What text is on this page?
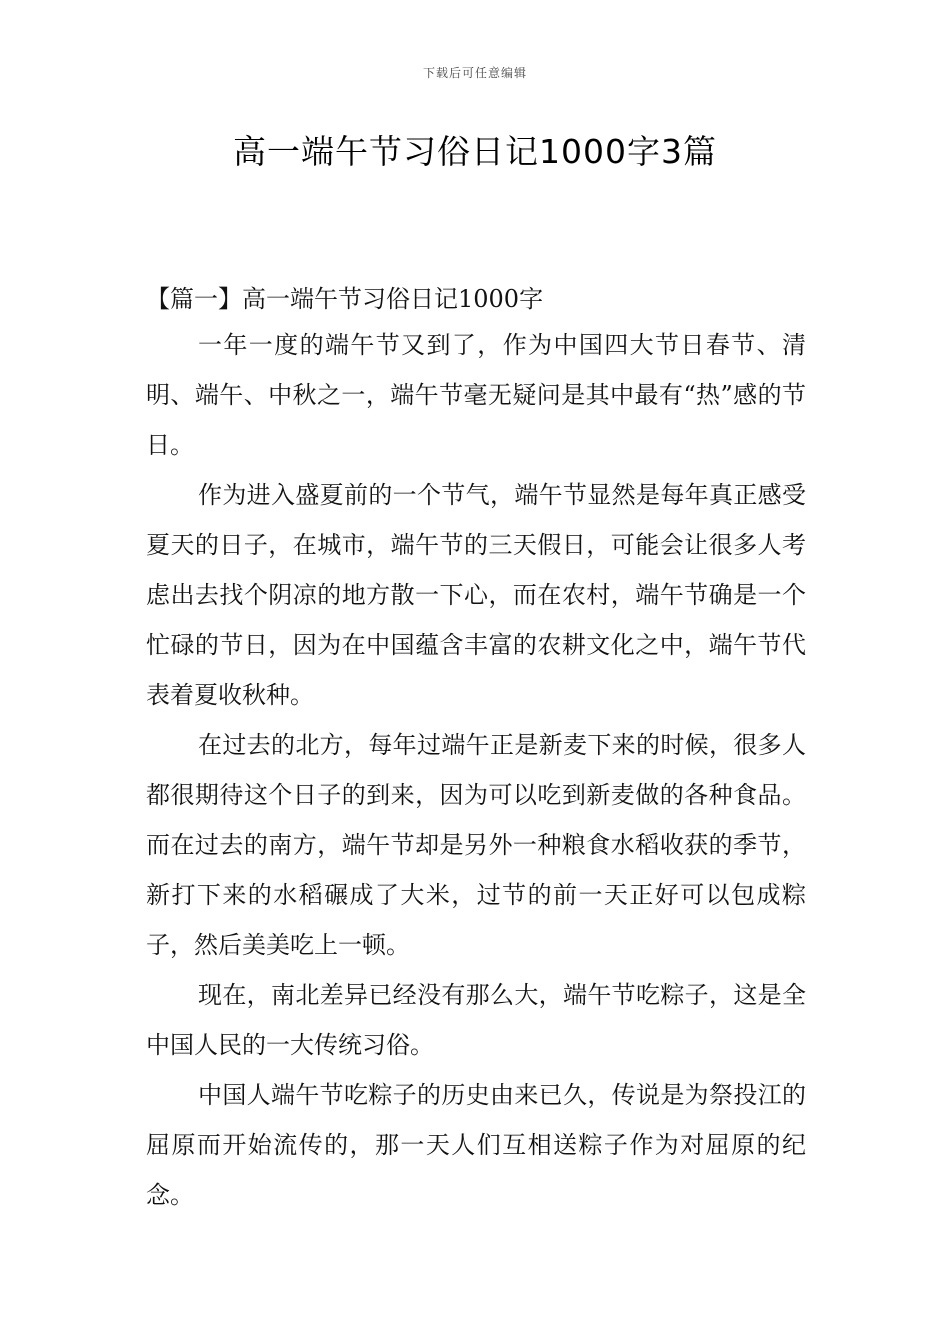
下载后可任意编辑
高一端午节习俗日记1000字3篇

【篇一】高一端午节习俗日记1000字

一年一度的端午节又到了，作为中国四大节日春节、清明、端午、中秋之一，端午节毫无疑问是其中最有“热”感的节日。

作为进入盛夏前的一个节气，端午节显然是每年真正感受夏天的日子，在城市，端午节的三天假日，可能会让很多人考虑出去找个阴凉的地方散一下心，而在农村，端午节确是一个忙碌的节日，因为在中国蕴含丰富的农耕文化之中，端午节代表着夏收秋种。

在过去的北方，每年过端午正是新麦下来的时候，很多人都很期待这个日子的到来，因为可以吃到新麦做的各种食品。而在过去的南方，端午节却是另外一种粮食水稻收获的季节，新打下来的水稻碾成了大米，过节的前一天正好可以包成粽子，然后美美吃上一顿。

现在，南北差异已经没有那么大，端午节吃粽子，这是全中国人民的一大传统习俗。

中国人端午节吃粽子的历史由来已久，传说是为祭投江的屈原而开始流传的，那一天人们互相送粽子作为对屈原的纪念。
